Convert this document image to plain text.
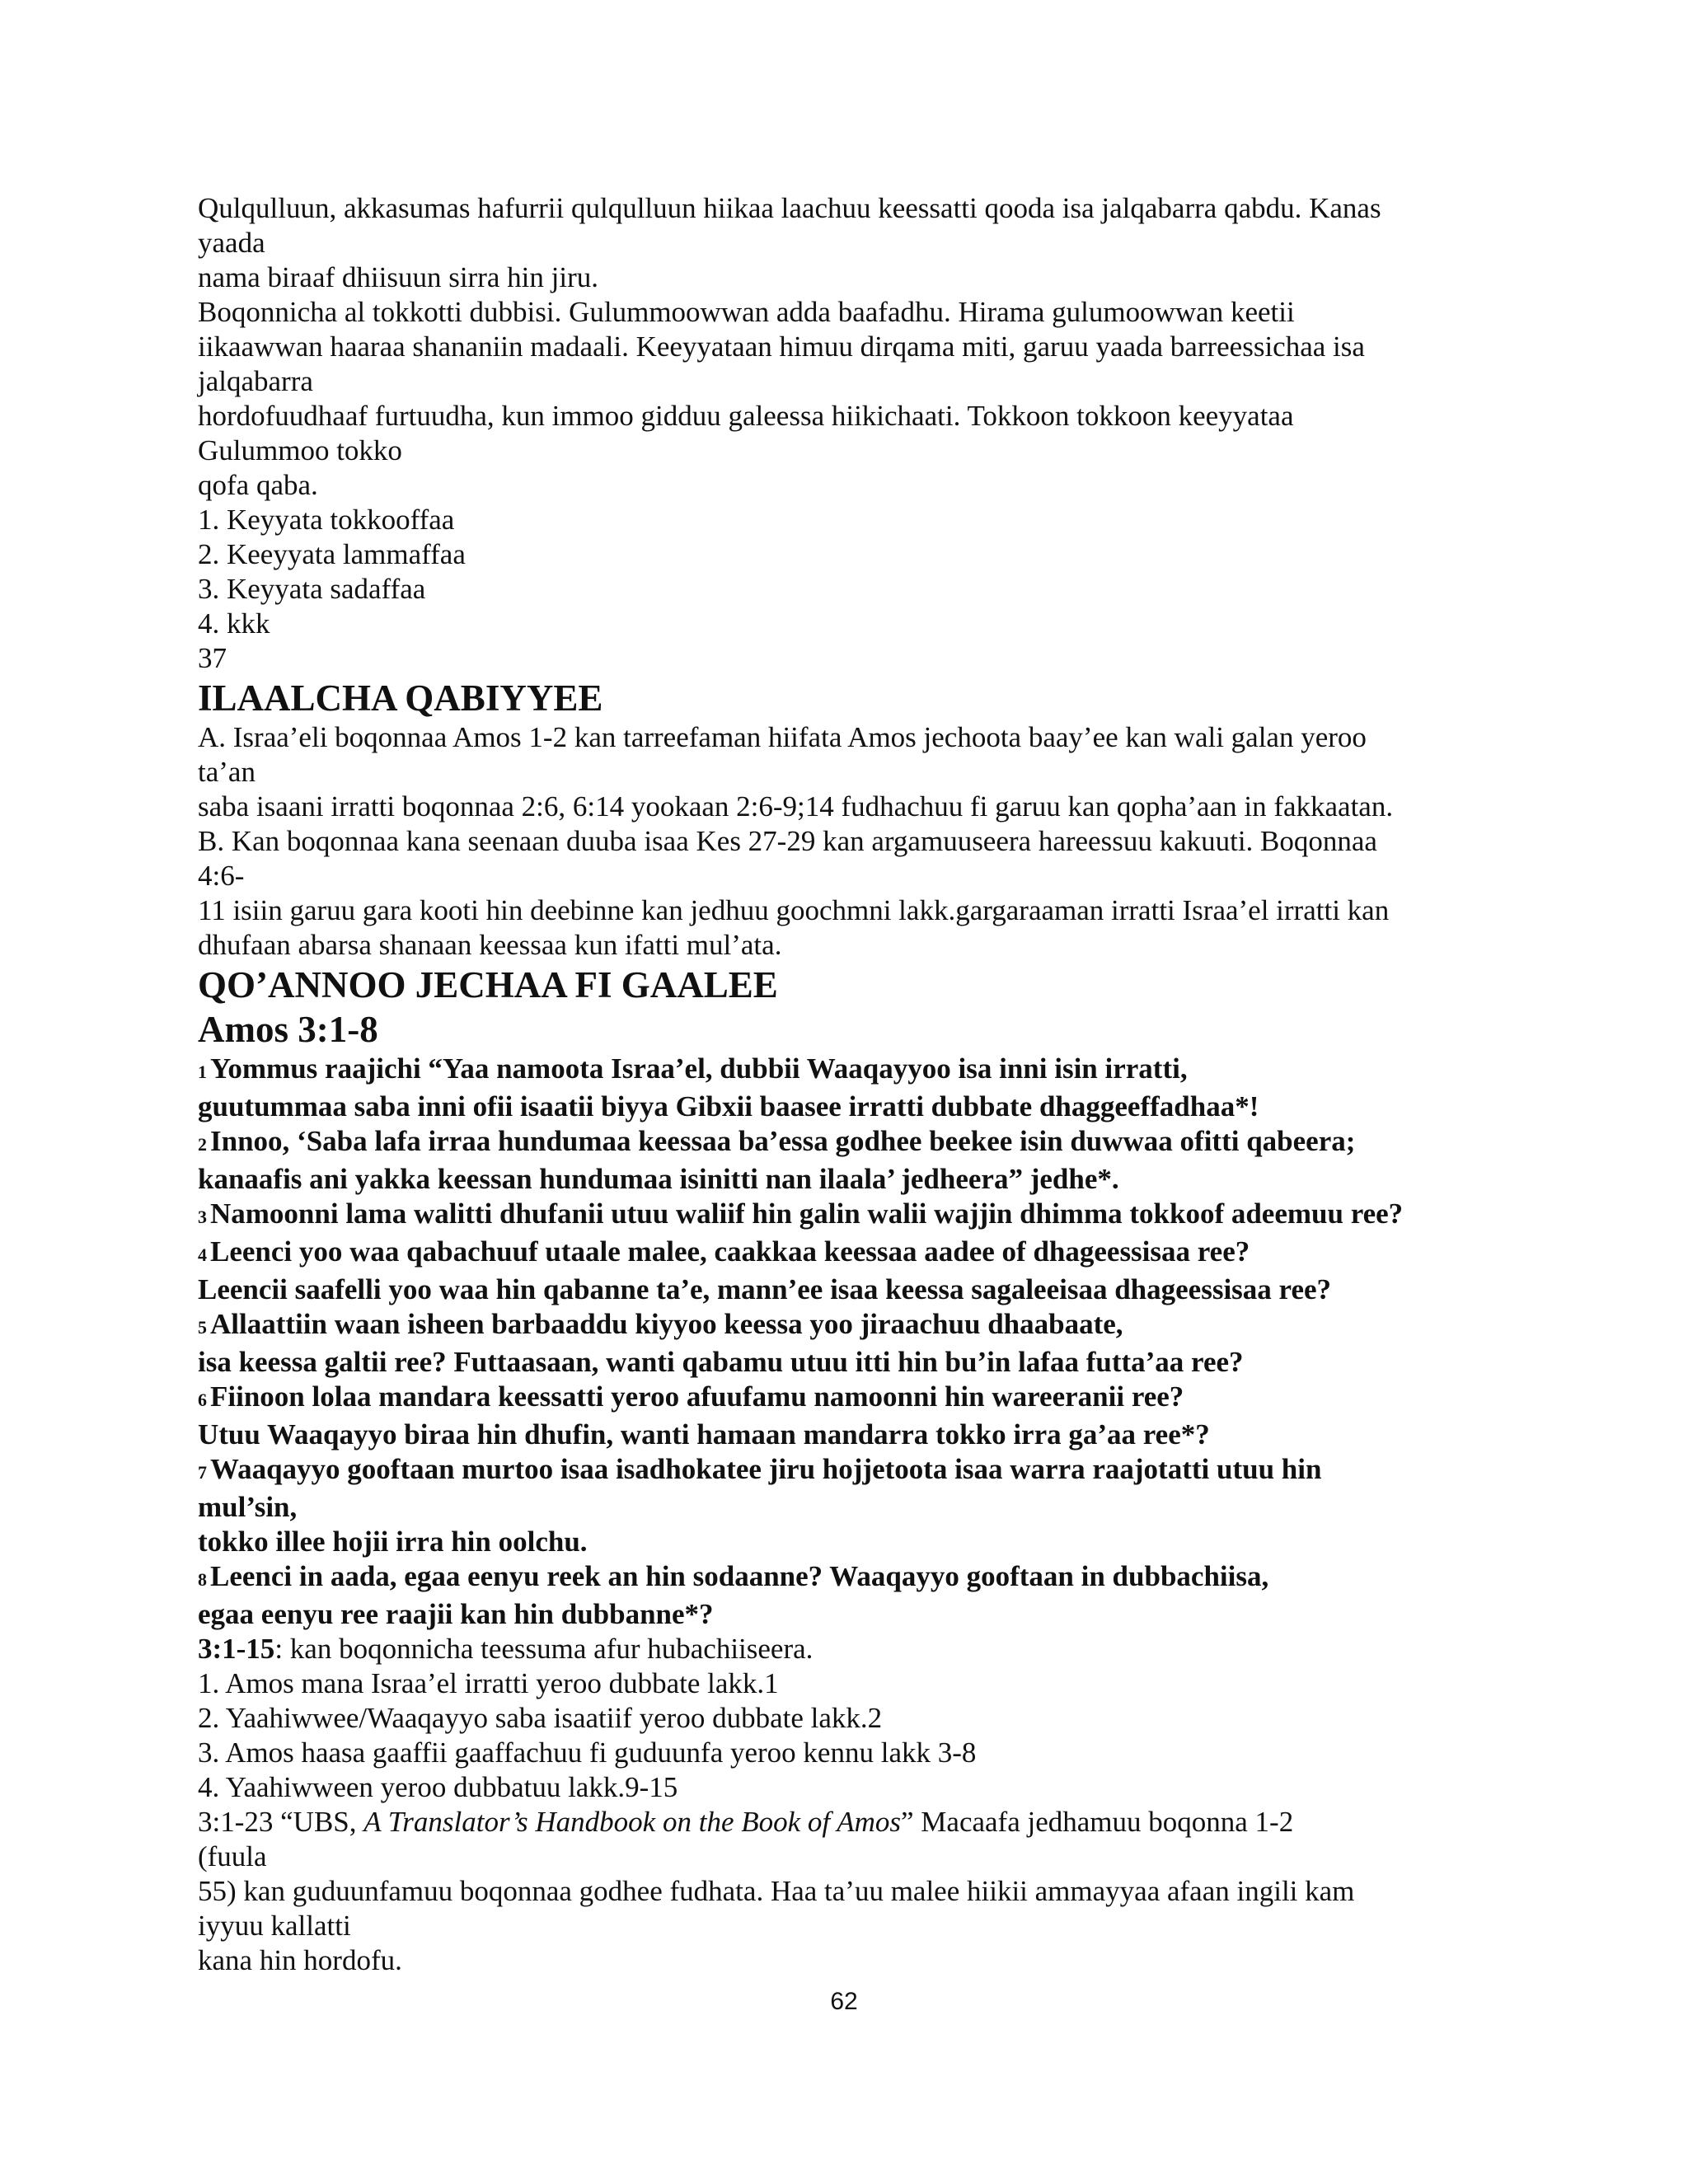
Qulqulluun, akkasumas hafurrii qulqulluun hiikaa laachuu keessatti qooda isa jalqabarra qabdu. Kanas
yaada
nama biraaf dhiisuun sirra hin jiru.
Boqonnicha al tokkotti dubbisi. Gulummoowwan adda baafadhu. Hirama gulumoowwan keetii
iikaawwan haaraa shananiin madaali. Keeyyataan himuu dirqama miti, garuu yaada barreessichaa isa
jalqabarra
hordofuudhaaf furtuudha, kun immoo gidduu galeessa hiikichaati. Tokkoon tokkoon keeyyataa
Gulummoo tokko
qofa qaba.
1. Keyyata tokkooffaa
2. Keeyyata lammaffaa
3. Keyyata sadaffaa
4. kkk
37
ILAALCHA QABIYYEE
A. Israa’eli boqonnaa Amos 1-2 kan tarreefaman hiifata Amos jechoota baay’ee kan wali galan yeroo
ta’an
saba isaani irratti boqonnaa 2:6, 6:14 yookaan 2:6-9;14 fudhachuu fi garuu kan qopha’aan in fakkaatan.
B. Kan boqonnaa kana seenaan duuba isaa Kes 27-29 kan argamuuseera hareessuu kakuuti. Boqonnaa
4:6-
11 isiin garuu gara kooti hin deebinne kan jedhuu goochmni lakk.gargaraaman irratti Israa’el irratti kan
dhufaan abarsa shanaan keessaa kun ifatti mul’ata.
QO’ANNOO JECHAA FI GAALEE
Amos 3:1-8
1 Yommus raajichi “Yaa namoota Israa’el, dubbii Waaqayyoo isa inni isin irratti,
guutummaa saba inni ofii isaatii biyya Gibxii baasee irratti dubbate dhaggeeffadhaa*!
2 Innoo, ‘Saba lafa irraa hundumaa keessaa ba’essa godhee beekee isin duwwaa ofitti qabeera;
kanaafis ani yakka keessan hundumaa isinitti nan ilaala’ jedheera” jedhe*.
3 Namoonni lama walitti dhufanii utuu waliif hin galin walii wajjin dhimma tokkoof adeemuu ree?
4 Leenci yoo waa qabachuuf utaale malee, caakkaa keessaa aadee of dhageessisaa ree?
Leencii saafelli yoo waa hin qabanne ta’e, mann’ee isaa keessa sagaleeisaa dhageessisaa ree?
5 Allaattiin waan isheen barbaaddu kiyyoo keessa yoo jiraachuu dhaabaate,
isa keessa galtii ree? Futtaasaan, wanti qabamu utuu itti hin bu’in lafaa futta’aa ree?
6 Fiinoon lolaa mandara keessatti yeroo afuufamu namoonni hin wareeranii ree?
Utuu Waaqayyo biraa hin dhufin, wanti hamaan mandarra tokko irra ga’aa ree*?
7 Waaqayyo gooftaan murtoo isaa isadhokatee jiru hojjetoota isaa warra raajotatti utuu hin
mul’sin,
tokko illee hojii irra hin oolchu.
8 Leenci in aada, egaa eenyu reek an hin sodaanne? Waaqayyo gooftaan in dubbachiisa,
egaa eenyu ree raajii kan hin dubbanne*?
3:1-15: kan boqonnicha teessuma afur hubachiiseera.
1. Amos mana Israa’el irratti yeroo dubbate lakk.1
2. Yaahiwwee/Waaqayyo saba isaatiif yeroo dubbate lakk.2
3. Amos haasa gaaffii gaaffachuu fi guduunfa yeroo kennu lakk 3-8
4. Yaahiwween yeroo dubbatuu lakk.9-15
3:1-23 “UBS, A Translator’s Handbook on the Book of Amos” Macaafa jedhamuu boqonna 1-2
(fuula
55) kan guduunfamuu boqonnaa godhee fudhata. Haa ta’uu malee hiikii ammayyaa afaan ingili kam
iyyuu kallatti
kana hin hordofu.
62
